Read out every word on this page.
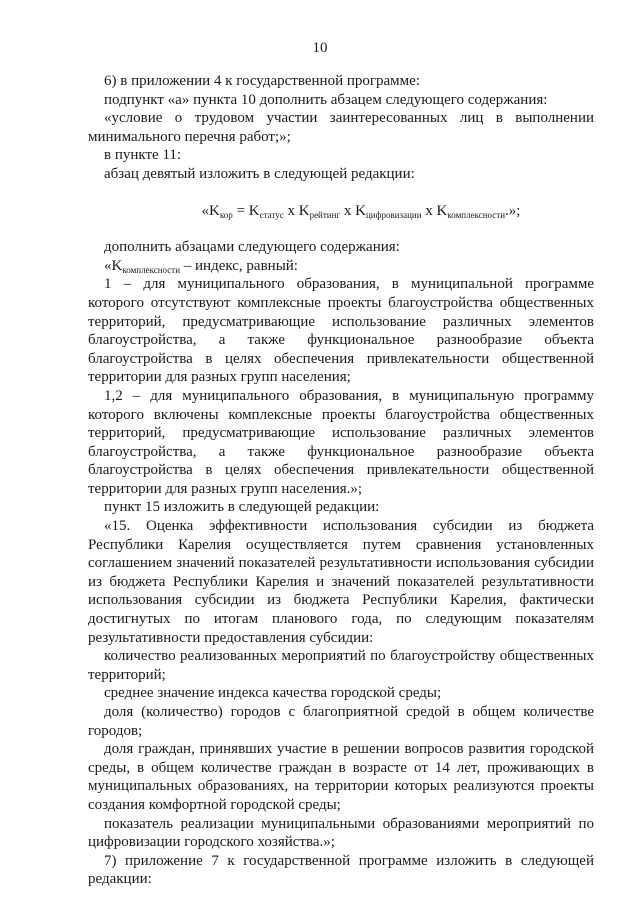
10

6) в приложении 4 к государственной программе:

подпункт «а» пункта 10 дополнить абзацем следующего содержания:

«условие о трудовом участии заинтересованных лиц в выполнении минимального перечня работ;»;

в пункте 11:

абзац девятый изложить в следующей редакции:

«$K_{кор} = K_{статус}$ x $K_{рейтинг}$ x $K_{цифровизации}$ x $K_{комплексности}$.»;

дополнить абзацами следующего содержания:

«$K_{комплексности}$ – индекс, равный:

1 – для муниципального образования, в муниципальной программе которого отсутствуют комплексные проекты благоустройства общественных территорий, предусматривающие использование различных элементов благоустройства, а также функциональное разнообразие объекта благоустройства в целях обеспечения привлекательности общественной территории для разных групп населения;

1,2 – для муниципального образования, в муниципальную программу которого включены комплексные проекты благоустройства общественных территорий, предусматривающие использование различных элементов благоустройства, а также функциональное разнообразие объекта благоустройства в целях обеспечения привлекательности общественной территории для разных групп населения.»;

пункт 15 изложить в следующей редакции:

«15. Оценка эффективности использования субсидии из бюджета Республики Карелия осуществляется путем сравнения установленных соглашением значений показателей результативности использования субсидии из бюджета Республики Карелия и значений показателей результативности использования субсидии из бюджета Республики Карелия, фактически достигнутых по итогам планового года, по следующим показателям результативности предоставления субсидии:

количество реализованных мероприятий по благоустройству общественных территорий;

среднее значение индекса качества городской среды;

доля (количество) городов с благоприятной средой в общем количестве городов;

доля граждан, принявших участие в решении вопросов развития городской среды, в общем количестве граждан в возрасте от 14 лет, проживающих в муниципальных образованиях, на территории которых реализуются проекты создания комфортной городской среды;

показатель реализации муниципальными образованиями мероприятий по цифровизации городского хозяйства.»;

7) приложение 7 к государственной программе изложить в следующей редакции:
